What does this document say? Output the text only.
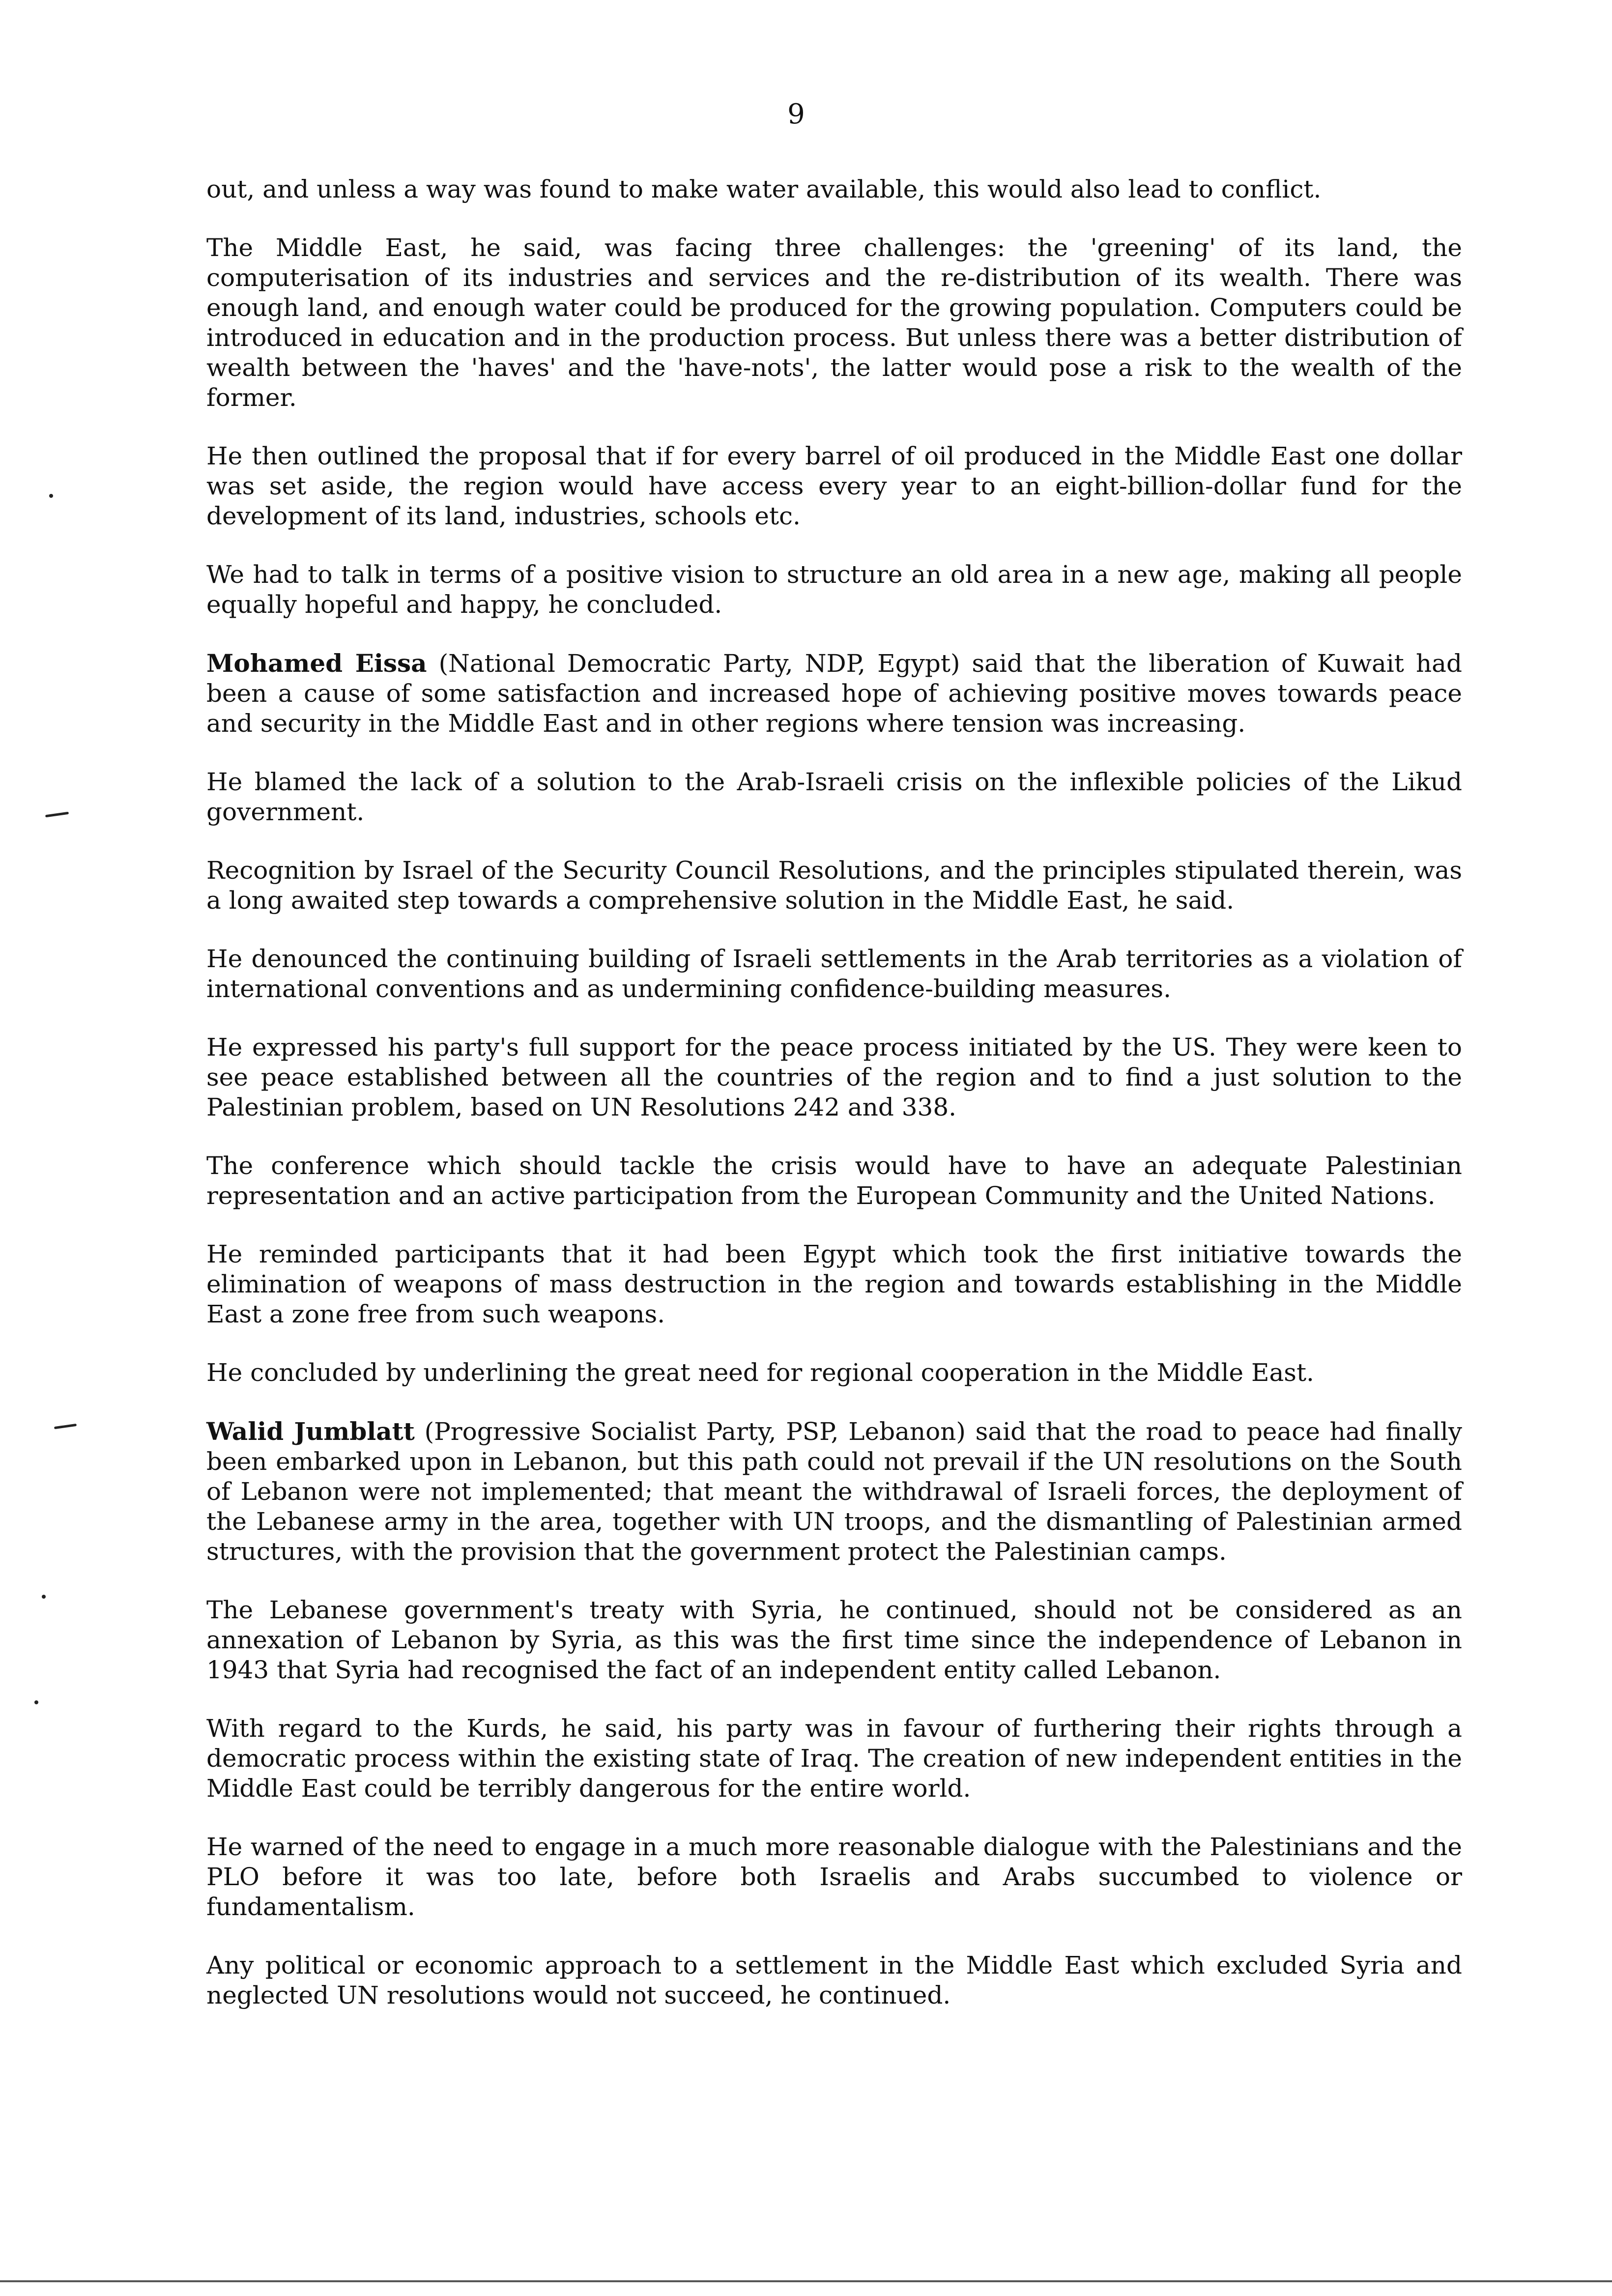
9

out, and unless a way was found to make water available, this would also lead to conflict.

The Middle East, he said, was facing three challenges: the 'greening' of its land, the computerisation of its industries and services and the re-distribution of its wealth. There was enough land, and enough water could be produced for the growing population. Computers could be introduced in education and in the production process. But unless there was a better distribution of wealth between the 'haves' and the 'have-nots', the latter would pose a risk to the wealth of the former.

He then outlined the proposal that if for every barrel of oil produced in the Middle East one dollar was set aside, the region would have access every year to an eight-billion-dollar fund for the development of its land, industries, schools etc.

We had to talk in terms of a positive vision to structure an old area in a new age, making all people equally hopeful and happy, he concluded.

Mohamed Eissa (National Democratic Party, NDP, Egypt) said that the liberation of Kuwait had been a cause of some satisfaction and increased hope of achieving positive moves towards peace and security in the Middle East and in other regions where tension was increasing.

He blamed the lack of a solution to the Arab-Israeli crisis on the inflexible policies of the Likud government.

Recognition by Israel of the Security Council Resolutions, and the principles stipulated therein, was a long awaited step towards a comprehensive solution in the Middle East, he said.

He denounced the continuing building of Israeli settlements in the Arab territories as a violation of international conventions and as undermining confidence-building measures.

He expressed his party's full support for the peace process initiated by the US. They were keen to see peace established between all the countries of the region and to find a just solution to the Palestinian problem, based on UN Resolutions 242 and 338.

The conference which should tackle the crisis would have to have an adequate Palestinian representation and an active participation from the European Community and the United Nations.

He reminded participants that it had been Egypt which took the first initiative towards the elimination of weapons of mass destruction in the region and towards establishing in the Middle East a zone free from such weapons.

He concluded by underlining the great need for regional cooperation in the Middle East.

Walid Jumblatt (Progressive Socialist Party, PSP, Lebanon) said that the road to peace had finally been embarked upon in Lebanon, but this path could not prevail if the UN resolutions on the South of Lebanon were not implemented; that meant the withdrawal of Israeli forces, the deployment of the Lebanese army in the area, together with UN troops, and the dismantling of Palestinian armed structures, with the provision that the government protect the Palestinian camps.

The Lebanese government's treaty with Syria, he continued, should not be considered as an annexation of Lebanon by Syria, as this was the first time since the independence of Lebanon in 1943 that Syria had recognised the fact of an independent entity called Lebanon.

With regard to the Kurds, he said, his party was in favour of furthering their rights through a democratic process within the existing state of Iraq. The creation of new independent entities in the Middle East could be terribly dangerous for the entire world.

He warned of the need to engage in a much more reasonable dialogue with the Palestinians and the PLO before it was too late, before both Israelis and Arabs succumbed to violence or fundamentalism.

Any political or economic approach to a settlement in the Middle East which excluded Syria and neglected UN resolutions would not succeed, he continued.
